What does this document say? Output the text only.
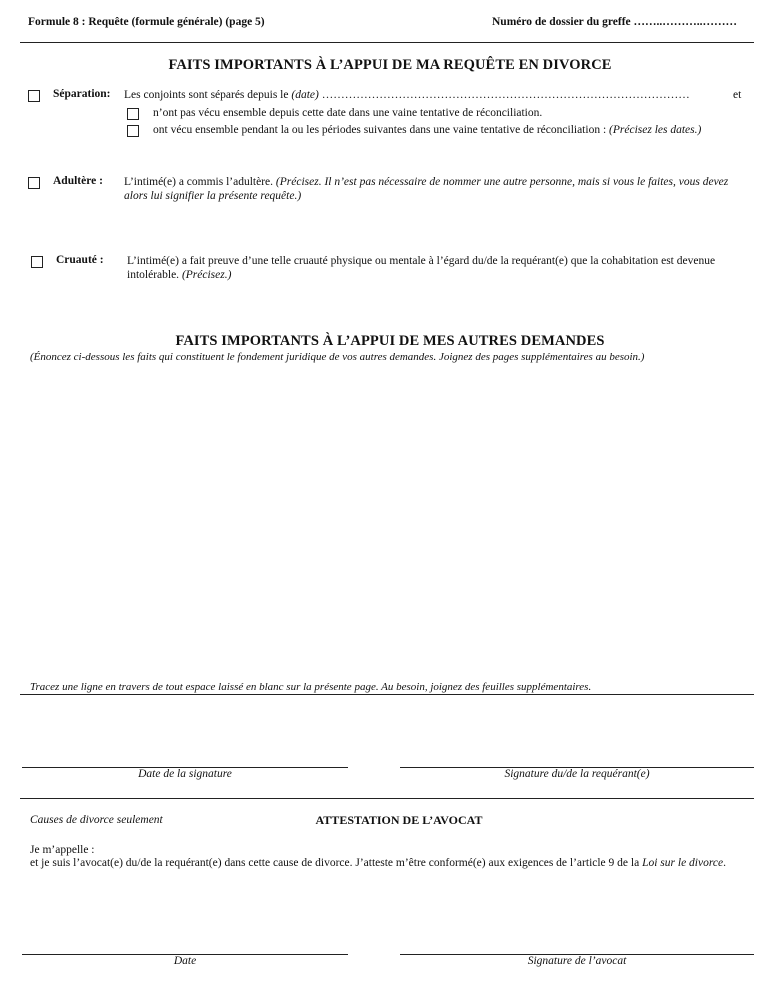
Formule 8 : Requête (formule générale) (page 5)	Numéro de dossier du greffe ……..………..………
FAITS IMPORTANTS À L’APPUI DE MA REQUÊTE EN DIVORCE
Séparation: Les conjoints sont séparés depuis le (date) ……………………………………………………………………………………	et
n’ont pas vécu ensemble depuis cette date dans une vaine tentative de réconciliation.
ont vécu ensemble pendant la ou les périodes suivantes dans une vaine tentative de réconciliation : (Précisez les dates.)
Adultère : L’intimé(e) a commis l’adultère. (Précisez. Il n’est pas nécessaire de nommer une autre personne, mais si vous le faites, vous devez alors lui signifier la présente requête.)
Cruauté : L’intimé(e) a fait preuve d’une telle cruauté physique ou mentale à l’égard du/de la requérant(e) que la cohabitation est devenue intolérable. (Précisez.)
FAITS IMPORTANTS À L’APPUI DE MES AUTRES DEMANDES
(Énoncez ci-dessous les faits qui constituent le fondement juridique de vos autres demandes. Joignez des pages supplémentaires au besoin.)
Tracez une ligne en travers de tout espace laissé en blanc sur la présente page. Au besoin, joignez des feuilles supplémentaires.
Date de la signature	Signature du/de la requérant(e)
Causes de divorce seulement	ATTESTATION DE L’AVOCAT
Je m’appelle :
et je suis l’avocat(e) du/de la requérant(e) dans cette cause de divorce. J’atteste m’être conformé(e) aux exigences de l’article 9 de la Loi sur le divorce.
Date	Signature de l’avocat
